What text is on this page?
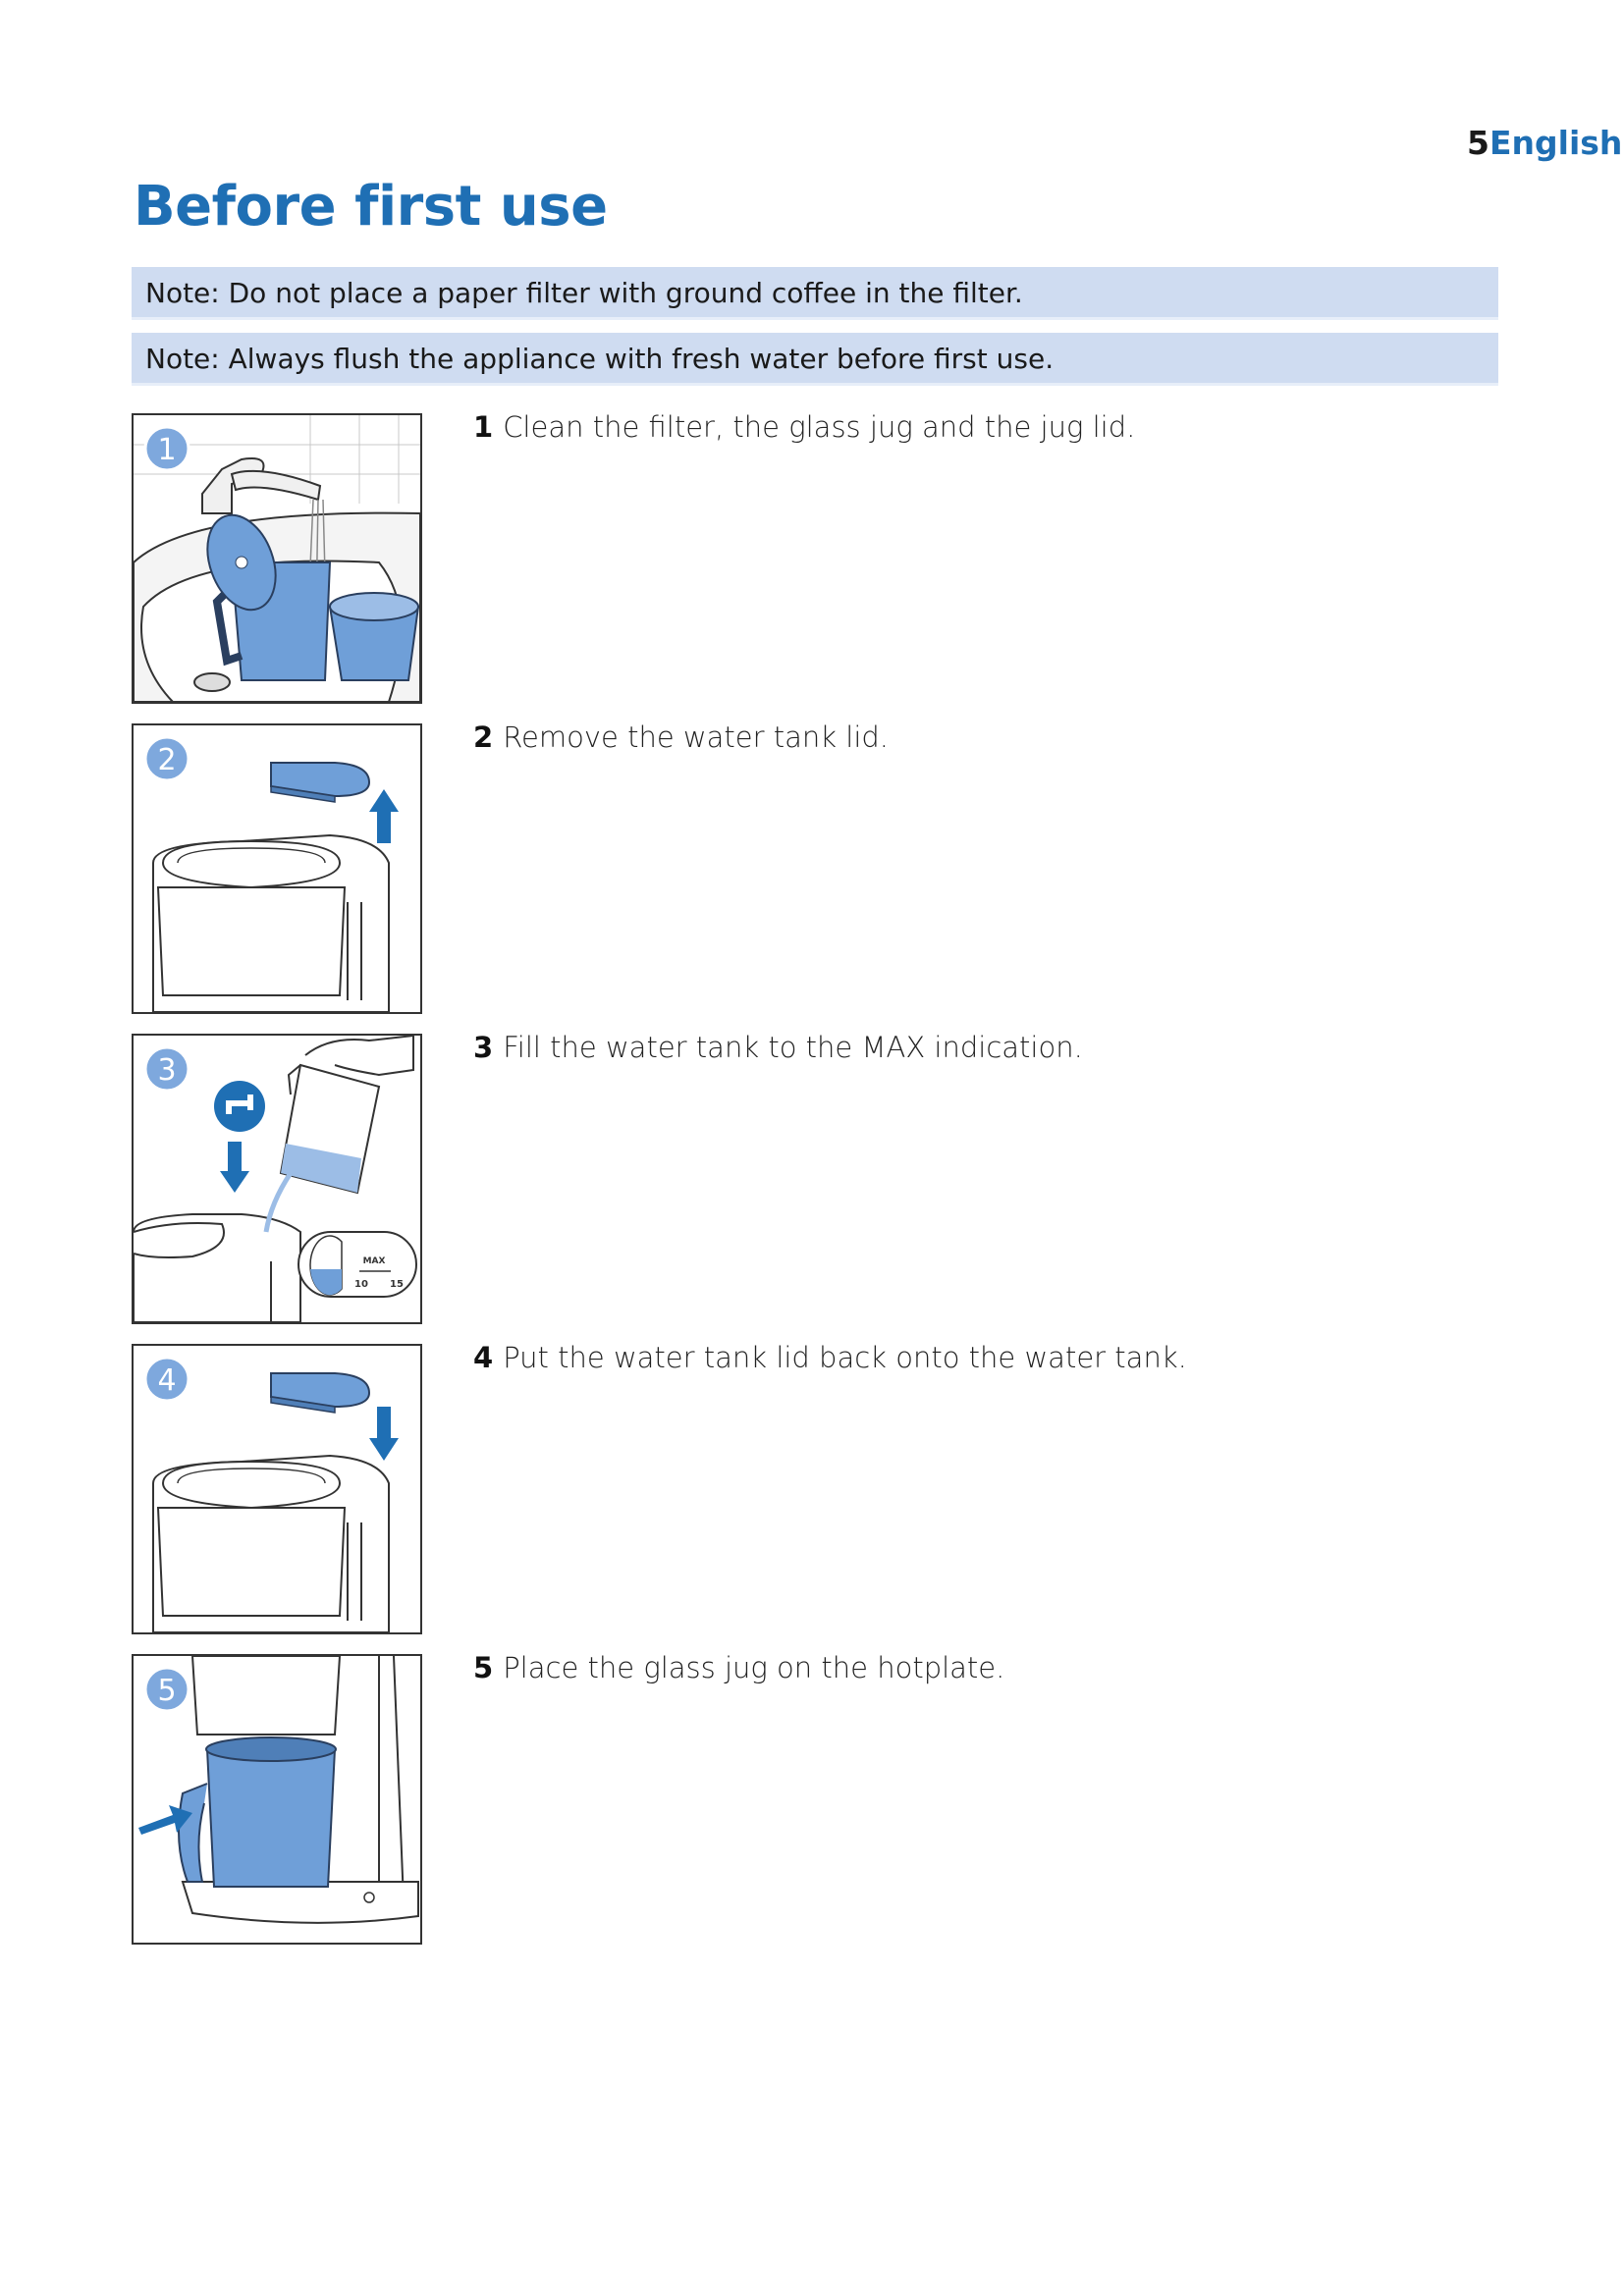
5English
Before first use
Note: Do not place a paper filter with ground coffee in the filter.
Note: Always flush the appliance with fresh water before first use.
1
1 Clean the filter, the glass jug and the jug lid.
2
2 Remove the water tank lid.
MAX
10 15
3
3 Fill the water tank to the MAX indication.
4
4 Put the water tank lid back onto the water tank.
5
5 Place the glass jug on the hotplate.
